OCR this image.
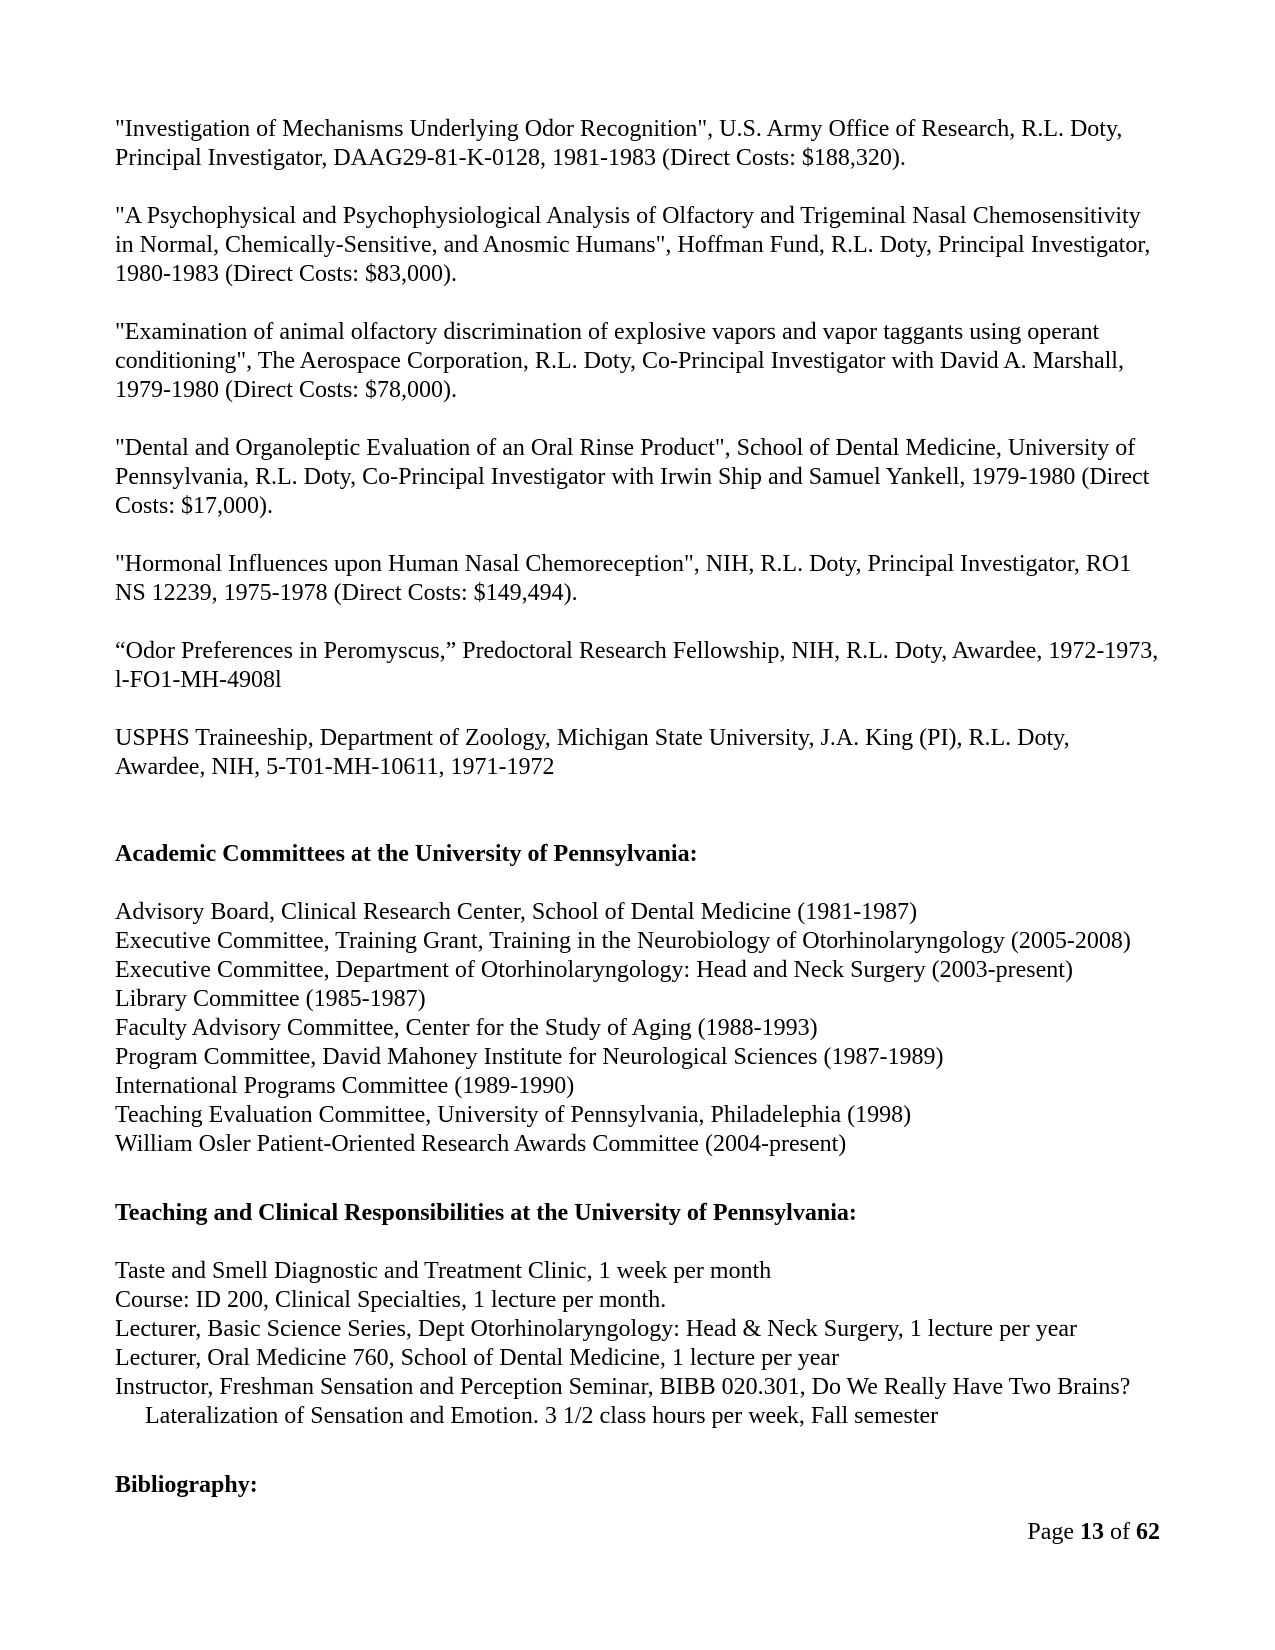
"Investigation of Mechanisms Underlying Odor Recognition", U.S. Army Office of Research, R.L. Doty, Principal Investigator, DAAG29-81-K-0128, 1981-1983 (Direct Costs: $188,320).

"A Psychophysical and Psychophysiological Analysis of Olfactory and Trigeminal Nasal Chemosensitivity in Normal, Chemically-Sensitive, and Anosmic Humans", Hoffman Fund, R.L. Doty, Principal Investigator, 1980-1983 (Direct Costs: $83,000).

"Examination of animal olfactory discrimination of explosive vapors and vapor taggants using operant conditioning", The Aerospace Corporation, R.L. Doty, Co-Principal Investigator with David A. Marshall, 1979-1980 (Direct Costs: $78,000).

"Dental and Organoleptic Evaluation of an Oral Rinse Product", School of Dental Medicine, University of Pennsylvania, R.L. Doty, Co-Principal Investigator with Irwin Ship and Samuel Yankell, 1979-1980 (Direct Costs: $17,000).

"Hormonal Influences upon Human Nasal Chemoreception", NIH, R.L. Doty, Principal Investigator, RO1 NS 12239, 1975-1978 (Direct Costs: $149,494).

“Odor Preferences in Peromyscus,” Predoctoral Research Fellowship, NIH, R.L. Doty, Awardee, 1972-1973, l-FO1-MH-4908l

USPHS Traineeship, Department of Zoology, Michigan State University, J.A. King (PI), R.L. Doty, Awardee, NIH, 5-T01-MH-10611, 1971-1972

Academic Committees at the University of Pennsylvania:
Advisory Board, Clinical Research Center, School of Dental Medicine (1981-1987)
Executive Committee, Training Grant, Training in the Neurobiology of Otorhinolaryngology (2005-2008)
Executive Committee, Department of Otorhinolaryngology: Head and Neck Surgery (2003-present)
Library Committee (1985-1987)
Faculty Advisory Committee, Center for the Study of Aging (1988-1993)
Program Committee, David Mahoney Institute for Neurological Sciences (1987-1989)
International Programs Committee (1989-1990)
Teaching Evaluation Committee, University of Pennsylvania, Philadelephia (1998)
William Osler Patient-Oriented Research Awards Committee (2004-present)
Teaching and Clinical Responsibilities at the University of Pennsylvania:
Taste and Smell Diagnostic and Treatment Clinic, 1 week per month
Course: ID 200, Clinical Specialties, 1 lecture per month.
Lecturer, Basic Science Series, Dept Otorhinolaryngology: Head & Neck Surgery, 1 lecture per year
Lecturer, Oral Medicine 760, School of Dental Medicine, 1 lecture per year
Instructor, Freshman Sensation and Perception Seminar, BIBB 020.301, Do We Really Have Two Brains?
Lateralization of Sensation and Emotion. 3 1/2 class hours per week, Fall semester
Bibliography:
Page 13 of 62
